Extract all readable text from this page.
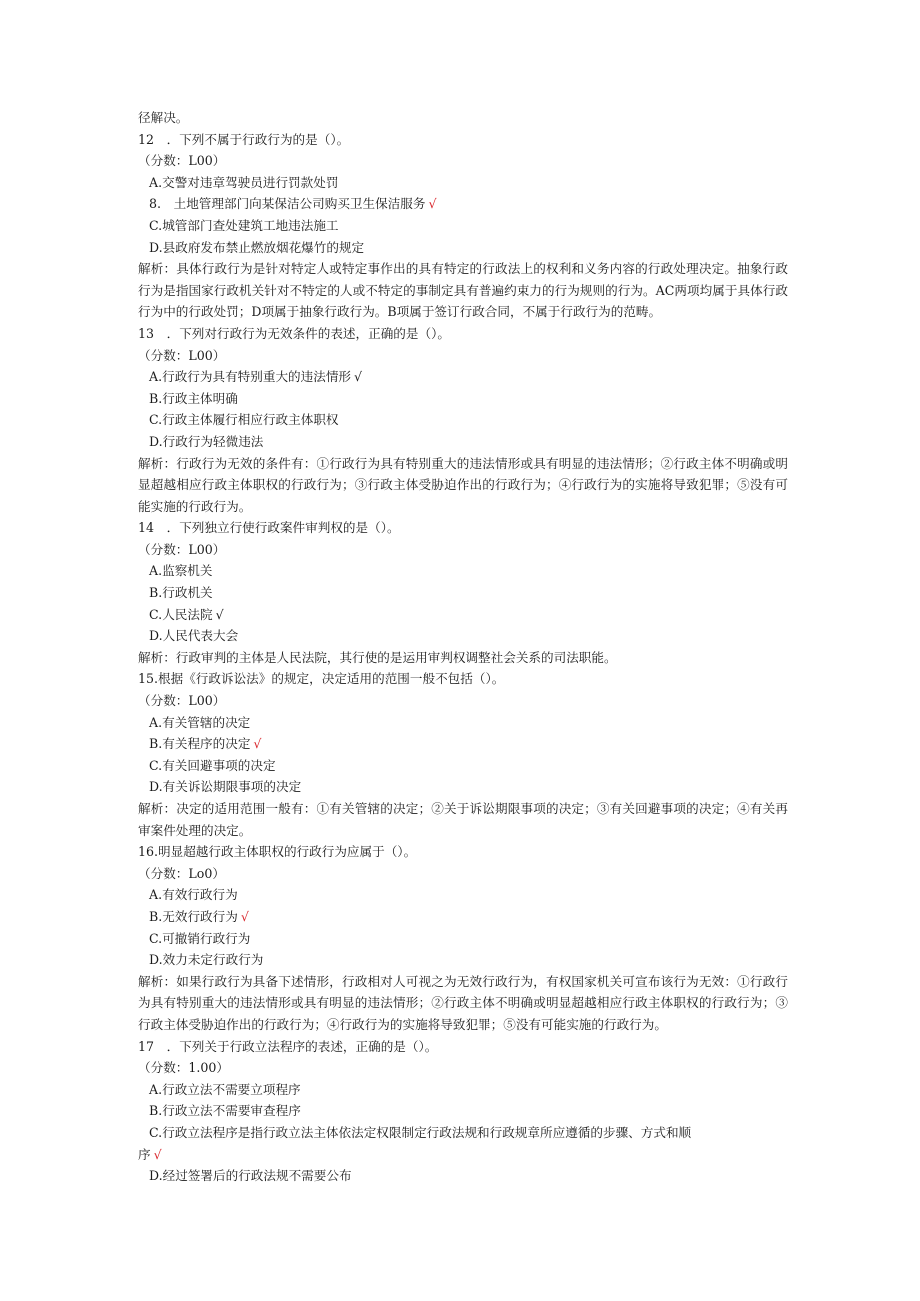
径解决。
12　．下列不属于行政行为的是（）。
（分数：L00）
A.交警对违章驾驶员进行罚款处罚
8.　土地管理部门向某保洁公司购买卫生保洁服务 √
C.城管部门查处建筑工地违法施工
D.县政府发布禁止燃放烟花爆竹的规定
解析：具体行政行为是针对特定人或特定事作出的具有特定的行政法上的权利和义务内容的行政处理决定。抽象行政行为是指国家行政机关针对不特定的人或不特定的事制定具有普遍约束力的行为规则的行为。AC两项均属于具体行政行为中的行政处罚；D项属于抽象行政行为。B项属于签订行政合同，不属于行政行为的范畴。
13　．下列对行政行为无效条件的表述，正确的是（）。
（分数：L00）
A.行政行为具有特别重大的违法情形 √
B.行政主体明确
C.行政主体履行相应行政主体职权
D.行政行为轻微违法
解析：行政行为无效的条件有：①行政行为具有特别重大的违法情形或具有明显的违法情形；②行政主体不明确或明显超越相应行政主体职权的行政行为；③行政主体受胁迫作出的行政行为；④行政行为的实施将导致犯罪；⑤没有可能实施的行政行为。
14　．下列独立行使行政案件审判权的是（）。
（分数：L00）
A.监察机关
B.行政机关
C.人民法院 √
D.人民代表大会
解析：行政审判的主体是人民法院，其行使的是运用审判权调整社会关系的司法职能。
15.根据《行政诉讼法》的规定，决定适用的范围一般不包括（）。
（分数：L00）
A.有关管辖的决定
B.有关程序的决定 √
C.有关回避事项的决定
D.有关诉讼期限事项的决定
解析：决定的适用范围一般有：①有关管辖的决定；②关于诉讼期限事项的决定；③有关回避事项的决定；④有关再审案件处理的决定。
16.明显超越行政主体职权的行政行为应属于（）。
（分数：Lo0）
A.有效行政行为
B.无效行政行为 √
C.可撤销行政行为
D.效力未定行政行为
解析：如果行政行为具备下述情形，行政相对人可视之为无效行政行为，有权国家机关可宣布该行为无效：①行政行为具有特别重大的违法情形或具有明显的违法情形；②行政主体不明确或明显超越相应行政主体职权的行政行为；③行政主体受胁迫作出的行政行为；④行政行为的实施将导致犯罪；⑤没有可能实施的行政行为。
17　．下列关于行政立法程序的表述，正确的是（）。
（分数：1.00）
A.行政立法不需要立项程序
B.行政立法不需要审查程序
C.行政立法程序是指行政立法主体依法定权限制定行政法规和行政规章所应遵循的步骤、方式和顺
序 √
D.经过签署后的行政法规不需要公布
